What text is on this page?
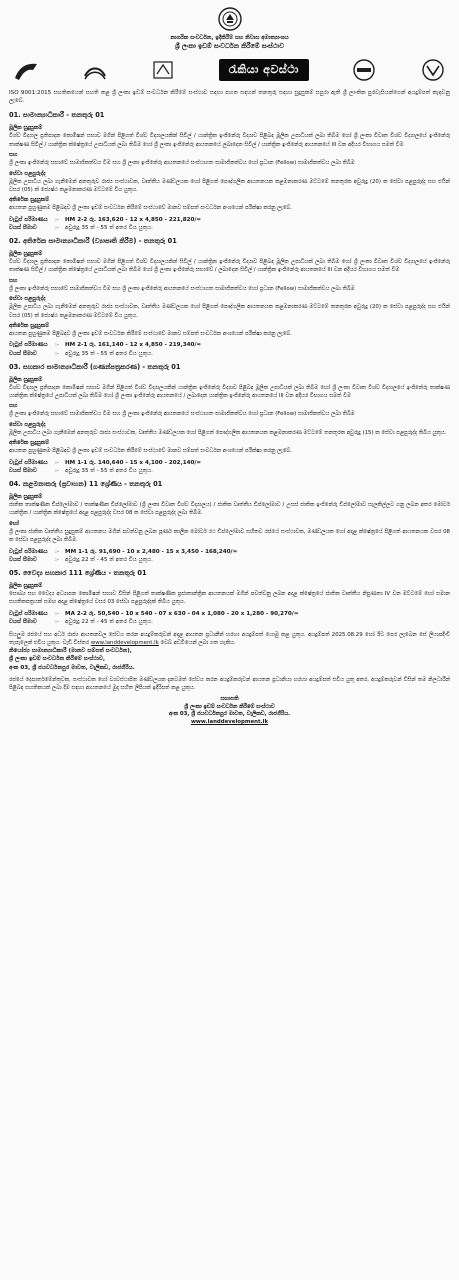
නාගරික සංවර්ධන, ඉදිකිරීම් සහ නිවාස අමාත්‍යාංශය
ශ්‍රී ලංකා ඉඩම් සංවර්ධන කිරීමේ සංස්ථාව
රැකියා අවස්ථා

ISO 9001:2015 සහතිකයෙන් සහති කළ ශ්‍රී ලංකා ඉඩම් සංවර්ධන කිරීමේ සංස්ථාව සඳහා පහත සඳහන් තනතුරු සඳහා සුදුසුකම් සපුරා ඇති ශ්‍රී ලාංකික පුරවැසියන්ගෙන් අයදුම්පත් කැඳවනු ලැබේ.

01. සාමාන්‍යාධිකාරී - තනතුරු 01
මූලික සුදුසුකම්

විශ්ව විද්‍යාල ප්‍රතිපාදන කොමිෂන් සභාව මගින් පිළිගත් විශ්ව විද්‍යාලයකින් සිවිල් / යාන්ත්‍රික ඉංජිනේරු විද්‍යාව පිළිබඳ මූලික උපාධියක් ලබා තිබීම හෝ ශ්‍රී ලංකා විවෘත විශ්ව විද්‍යාලයේ ඉංජිනේරු තාක්ෂණ සිවිල් / යාන්ත්‍රික ක්ෂේත්‍රයේ උපාධියක් ලබා තිබීම හෝ ශ්‍රී ලංකා ඉංජිනේරු ආයතනයේ ලබාදෙන සිවිල් / යාන්ත්‍රික ඉංජිනේරු ආයතනයේ III වන අදියර විභාගය සමත් වීම

සහ

ශ්‍රී ලංකා ඉංජිනේරු සභාවේ සාමාජිකත්වය වීම සහ ශ්‍රී ලංකා ඉංජිනේරු ආයතනයේ සංස්ථාගත සාමාජිකත්වය හෝ ප්‍රධාන (Fellow) සාමාජිකත්වය ලබා තිබීම

සේවා පළපුරුද්ද

මූලික උපාධිය ලබා ගැනීමෙන් අනතුරුව රාජ්‍ය සංස්ථාවක, වෘත්තීය මණ්ඩලයක හෝ පිළිගත් පෞද්ගලික ආයතනයක කළමනාකරණ මට්ටමේ තනතුරක අවුරුදු (20) ක සේවා පළපුරුද්ද සහ එයින් වසර (05) ක් ජ්‍යෙෂ්ඨ කළමනාකරණ මට්ටමේ විය යුතුය.

අතිරේක සුදුසුකම්

ආයතන පුහුණුකම පිළිබඳව ශ්‍රී ලංකා ඉඩම් සංවර්ධන කිරීමේ සංස්ථාවේ මානව සම්පත් සංවර්ධන අංශයෙන් පරීක්ෂා කරනු ලැබේ.

වැටුප් පරිමාණය	:-	HM 2-2 රු. 163,620 - 12 x 4,850 - 221,820/=
වයස් සීමාව	:-	අවුරුදු 35 ත් - 55 ත් අතර විය යුතුය.
02. අතිරේක සාමාන්‍යාධිකාරී (ව්‍යාපෘති කිරීම) - තනතුරු 01
මූලික සුදුසුකම්

විශ්ව විද්‍යාල ප්‍රතිපාදන කොමිෂන් සභාව මගින් පිළිගත් විශ්ව විද්‍යාලයකින් සිවිල් / යාන්ත්‍රික ඉංජිනේරු විද්‍යාව පිළිබඳ මූලික උපාධියක් ලබා තිබීම හෝ ශ්‍රී ලංකා විවෘත විශ්ව විද්‍යාලයේ ඉංජිනේරු තාක්ෂණ සිවිල් / යාන්ත්‍රික ක්ෂේත්‍රයේ උපාධියක් ලබා තිබීම හෝ ශ්‍රී ලංකා ඉංජිනේරු සභාවේ / ලබාදෙන සිවිල් / යාන්ත්‍රික ඉංජිනේරු ආයතනයේ III වන අදියර විභාගය සමත් වීම

සහ

ශ්‍රී ලංකා ඉංජිනේරු සභාවේ සාමාජිකත්වය වීම සහ ශ්‍රී ලංකා ඉංජිනේරු ආයතනයේ සංස්ථාගත සාමාජිකත්වය හෝ ප්‍රධාන (Fellow) සාමාජිකත්වය ලබා තිබීම

සේවා පළපුරුද්ද

මූලික උපාධිය ලබා ගැනීමෙන් අනතුරුව රාජ්‍ය සංස්ථාවක, වෘත්තීය මණ්ඩලයක හෝ පිළිගත් පෞද්ගලික ආයතනයක කළමනාකරණ මට්ටමේ තනතුරක අවුරුදු (20) ක සේවා පළපුරුද්ද සහ එයින් වසර (05) ක් ජ්‍යෙෂ්ඨ කළමනාකරණ මට්ටමේ විය යුතුය.

අතිරේක සුදුසුකම්

ආයතන පුහුණුකම පිළිබඳව ශ්‍රී ලංකා ඉඩම් සංවර්ධන කිරීමේ සංස්ථාවේ මානව සම්පත් සංවර්ධන අංශයෙන් පරීක්ෂා කරනු ලැබේ.

වැටුප් පරිමාණය	:-	HM 2-1 රු. 161,140 - 12 x 4,850 - 219,340/=
වයස් සීමාව	:-	අවුරුදු 35 ත් - 55 ත් අතර විය යුතුය.
03. සහකාර සාමාන්‍යාධිකාරී (ගණන්පත්‍රකරණ) - තනතුරු 01
මූලික සුදුසුකම්

විශ්ව විද්‍යාල ප්‍රතිපාදන කොමිෂන් සභාව මගින් පිළිගත් විශ්ව විද්‍යාලයකින් යාන්ත්‍රික ඉංජිනේරු විද්‍යාව පිළිබඳ මූලික උපාධියක් ලබා තිබීම හෝ ශ්‍රී ලංකා විවෘත විශ්ව විද්‍යාලයේ ඉංජිනේරු තාක්ෂණ යාන්ත්‍රික ක්ෂේත්‍රයේ උපාධියක් ලබා තිබීම හෝ ශ්‍රී ලංකා ඉංජිනේරු ආයතනයේ / ලබාදෙන යාන්ත්‍රික ඉංජිනේරු ආයතනයේ III වන අදියර විභාගය සමත් වීම

සහ

ශ්‍රී ලංකා ඉංජිනේරු සභාවේ සාමාජිකත්වය වීම සහ ශ්‍රී ලංකා ඉංජිනේරු ආයතනයේ සංස්ථාගත සාමාජිකත්වය හෝ ප්‍රධාන (Fellow) සාමාජිකත්වය ලබා තිබීම

සේවා පළපුරුද්ද

මූලික උපාධිය ලබා ගැනීමෙන් අනතුරුව රාජ්‍ය සංස්ථාවක, වෘත්තීය මණ්ඩලයක හෝ පිළිගත් පෞද්ගලික ආයතනයක කළමනාකරණ මට්ටමේ තනතුරක අවුරුදු (15) ක සේවා පළපුරුද්ද තිබිය යුතුය.

අතිරේක සුදුසුකම්

ආයතන පුහුණුකම පිළිබඳව ශ්‍රී ලංකා ඉඩම් සංවර්ධන කිරීමේ සංස්ථාවේ මානව සම්පත් සංවර්ධන අංශයෙන් පරීක්ෂා කරනු ලැබේ.

වැටුප් පරිමාණය	:-	HM 1-1 රු. 140,640 - 15 x 4,100 - 202,140/=
වයස් සීමාව	:-	අවුරුදු 35 ත් - 55 ත් අතර විය යුතුය.
04. කළමනාකරු (ප්‍රවාහන) 11 ශ්‍රේණිය - තනතුරු 01
මූලික සුදුසුකම්

ජාතික තාක්ෂණික ඩිප්ලෝමාව / තාක්ෂණික ඩිප්ලෝමාව (ශ්‍රී ලංකා විවෘත විශ්ව විද්‍යාලය) / ජාතික වෘත්තීය ඩිප්ලෝමාව / උසස් ජාතික ඉංජිනේරු ඩිප්ලෝමාව සැලකිල්ලට ගනු ලබන අතර මෝටර් යාන්ත්‍රික / යාන්ත්‍රික ක්ෂේත්‍රයේ අදාළ පළපුරුද්ද වසර 08 ක සේවා පළපුරුද්ද ලබා තිබීම.

හෝ

ශ්‍රී ලංකා ජාතික වෘත්තීය සුදුසුකම් ආයතනය මගින් පවත්වනු ලබන පූර්ණ කාලීන මෝටර් රථ ඩිප්ලෝමාව සහිතව රජයේ සංස්ථාවක, මණ්ඩලයක හෝ අදාළ ක්ෂේත්‍රයේ පිළිගත් ආයතනයක වසර 08 ක සේවා පළපුරුද්ද ලබා තිබීම.

වැටුප් පරිමාණය	:-	MM 1-1 රු. 91,690 - 10 x 2,480 - 15 x 3,450 - 168,240/=
වයස් සීමාව	:-	අවුරුදු 22 ත් - 45 ත් අතර විය යුතුය.
05. වෛද්‍ය සහකාර 111 ශ්‍රේණිය - තනතුරු 01
මූලික සුදුසුකම්

සෞඛ්‍ය සහ වෛද්‍ය අධ්‍යාපන කොමිෂන් සභාව විසින් පිළිගත් තාක්ෂණික ප්‍රජාතාන්ත්‍රික ආයතනයක් මගින් පවත්වනු ලබන අදාළ ක්ෂේත්‍රයේ ජාතික වෘත්තීය නිපුණතා IV වන මට්ටමේ හෝ සමාන සහතිකපත්‍රයක් සමඟ අදාළ ක්ෂේත්‍රයේ වසර 03 සේවා පළපුරුද්දක් තිබිය යුතුය.

වැටුප් පරිමාණය	:-	MA 2-2 රු. 50,540 - 10 x 540 - 07 x 630 - 04 x 1,080 - 20 x 1,280 - 90,270/=
වයස් සීමාව	:-	අවුරුදු 22 ත් - 45 ත් අතර විය යුතුය.

සියලුම රජයේ සහ අර්ධ රාජ්‍ය ආයතනවල සේවය කරන අයදුම්කරුවන් අදාළ ආයතන ප්‍රධානීන් හරහා අයදුම්පත් යොමු කළ යුතුය. අයදුම්පත් 2025.08.29 හෝ ඊට පෙර ලැබෙන සේ ලියාපදිංචි තැපෑලෙන් එවිය යුතුය. වැඩි විස්තර www.landdevelopment.lk වෙබ් අඩවියෙන් ලබා ගත හැකිය.

නියෝජ්‍ය සාමාන්‍යාධිකාරී (මානව සම්පත් සංවර්ධන),
ශ්‍රී ලංකා ඉඩම් සංවර්ධන කිරීමේ සංස්ථාව,
අංක 03, ශ්‍රී ජයවර්ධනපුර මාවත, වැලිකඩ, රාජගිරිය.

රජයේ දෙපාර්තමේන්තුවක, සංස්ථාවක හෝ ව්‍යවස්ථාපිත මණ්ඩලයක දැනටමත් සේවය කරන අයදුම්කරුවන් ආයතන ප්‍රධානියා හරහා අයදුම්පත් එවිය යුතු අතර, අයදුම්කරුවන් විසින් තම නිලධාරීන් පිළිබඳ සහතිකයක් ලබා දීම සඳහා ආයතනයේ මුදා සහිත ලිපියක් ඉදිරිපත් කළ යුතුය.

සභාපති
ශ්‍රී ලංකා ඉඩම් සංවර්ධන කිරීමේ සංස්ථාව
අංක 03, ශ්‍රී ජයවර්ධනපුර මාවත, වැලිකඩ, රාජගිරිය.
www.landdevelopment.lk
